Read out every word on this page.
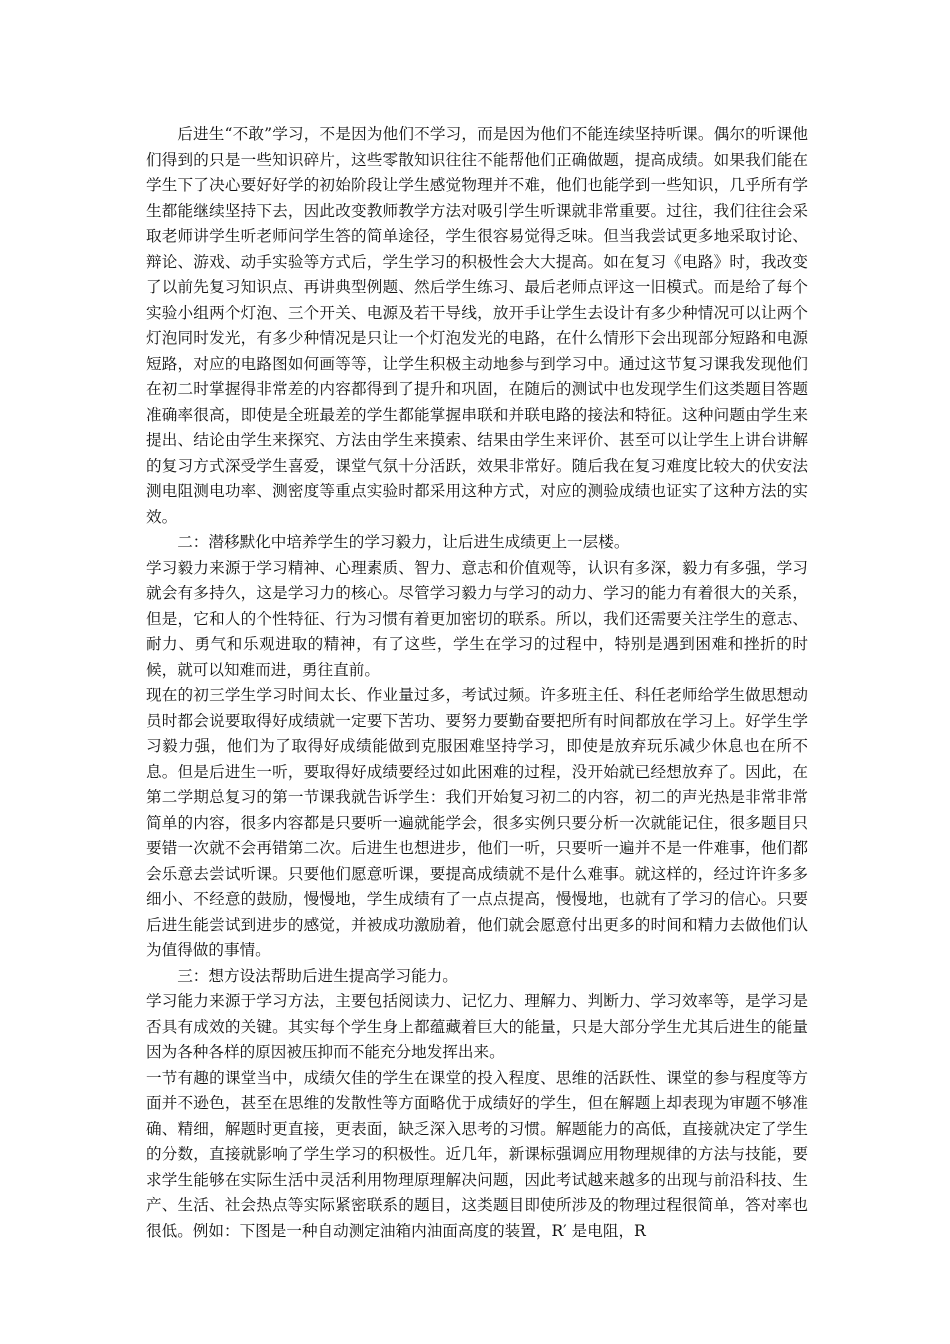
后进生“不敢”学习，不是因为他们不学习，而是因为他们不能连续坚持听课。偶尔的听课他们得到的只是一些知识碎片，这些零散知识往往不能帮他们正确做题，提高成绩。如果我们能在学生下了决心要好好学的初始阶段让学生感觉物理并不难，他们也能学到一些知识，几乎所有学生都能继续坚持下去，因此改变教师教学方法对吸引学生听课就非常重要。过往，我们往往会采取老师讲学生听老师问学生答的简单途径，学生很容易觉得乏味。但当我尝试更多地采取讨论、辩论、游戏、动手实验等方式后，学生学习的积极性会大大提高。如在复习《电路》时，我改变了以前先复习知识点、再讲典型例题、然后学生练习、最后老师点评这一旧模式。而是给了每个实验小组两个灯泡、三个开关、电源及若干导线，放开手让学生去设计有多少种情况可以让两个灯泡同时发光，有多少种情况是只让一个灯泡发光的电路，在什么情形下会出现部分短路和电源短路，对应的电路图如何画等等，让学生积极主动地参与到学习中。通过这节复习课我发现他们在初二时掌握得非常差的内容都得到了提升和巩固，在随后的测试中也发现学生们这类题目答题准确率很高，即使是全班最差的学生都能掌握串联和并联电路的接法和特征。这种问题由学生来提出、结论由学生来探究、方法由学生来摸索、结果由学生来评价、甚至可以让学生上讲台讲解的复习方式深受学生喜爱，课堂气氛十分活跃，效果非常好。随后我在复习难度比较大的伏安法测电阻测电功率、测密度等重点实验时都采用这种方式，对应的测验成绩也证实了这种方法的实效。

二：潜移默化中培养学生的学习毅力，让后进生成绩更上一层楼。

学习毅力来源于学习精神、心理素质、智力、意志和价值观等，认识有多深，毅力有多强，学习就会有多持久，这是学习力的核心。尽管学习毅力与学习的动力、学习的能力有着很大的关系，但是，它和人的个性特征、行为习惯有着更加密切的联系。所以，我们还需要关注学生的意志、耐力、勇气和乐观进取的精神，有了这些，学生在学习的过程中，特别是遇到困难和挫折的时候，就可以知难而进，勇往直前。

现在的初三学生学习时间太长、作业量过多，考试过频。许多班主任、科任老师给学生做思想动员时都会说要取得好成绩就一定要下苦功、要努力要勤奋要把所有时间都放在学习上。好学生学习毅力强，他们为了取得好成绩能做到克服困难坚持学习，即使是放弃玩乐减少休息也在所不息。但是后进生一听，要取得好成绩要经过如此困难的过程，没开始就已经想放弃了。因此，在第二学期总复习的第一节课我就告诉学生：我们开始复习初二的内容，初二的声光热是非常非常简单的内容，很多内容都是只要听一遍就能学会，很多实例只要分析一次就能记住，很多题目只要错一次就不会再错第二次。后进生也想进步，他们一听，只要听一遍并不是一件难事，他们都会乐意去尝试听课。只要他们愿意听课，要提高成绩就不是什么难事。就这样的，经过许许多多细小、不经意的鼓励，慢慢地，学生成绩有了一点点提高，慢慢地，也就有了学习的信心。只要后进生能尝试到进步的感觉，并被成功激励着，他们就会愿意付出更多的时间和精力去做他们认为值得做的事情。

三：想方设法帮助后进生提高学习能力。

学习能力来源于学习方法，主要包括阅读力、记忆力、理解力、判断力、学习效率等，是学习是否具有成效的关键。其实每个学生身上都蕴藏着巨大的能量，只是大部分学生尤其后进生的能量因为各种各样的原因被压抑而不能充分地发挥出来。

一节有趣的课堂当中，成绩欠佳的学生在课堂的投入程度、思维的活跃性、课堂的参与程度等方面并不逊色，甚至在思维的发散性等方面略优于成绩好的学生，但在解题上却表现为审题不够准确、精细，解题时更直接，更表面，缺乏深入思考的习惯。解题能力的高低，直接就决定了学生的分数，直接就影响了学生学习的积极性。近几年，新课标强调应用物理规律的方法与技能，要求学生能够在实际生活中灵活利用物理原理解决问题，因此考试越来越多的出现与前沿科技、生产、生活、社会热点等实际紧密联系的题目，这类题目即使所涉及的物理过程很简单，答对率也很低。例如：下图是一种自动测定油箱内油面高度的装置，R′ 是电阻，R
